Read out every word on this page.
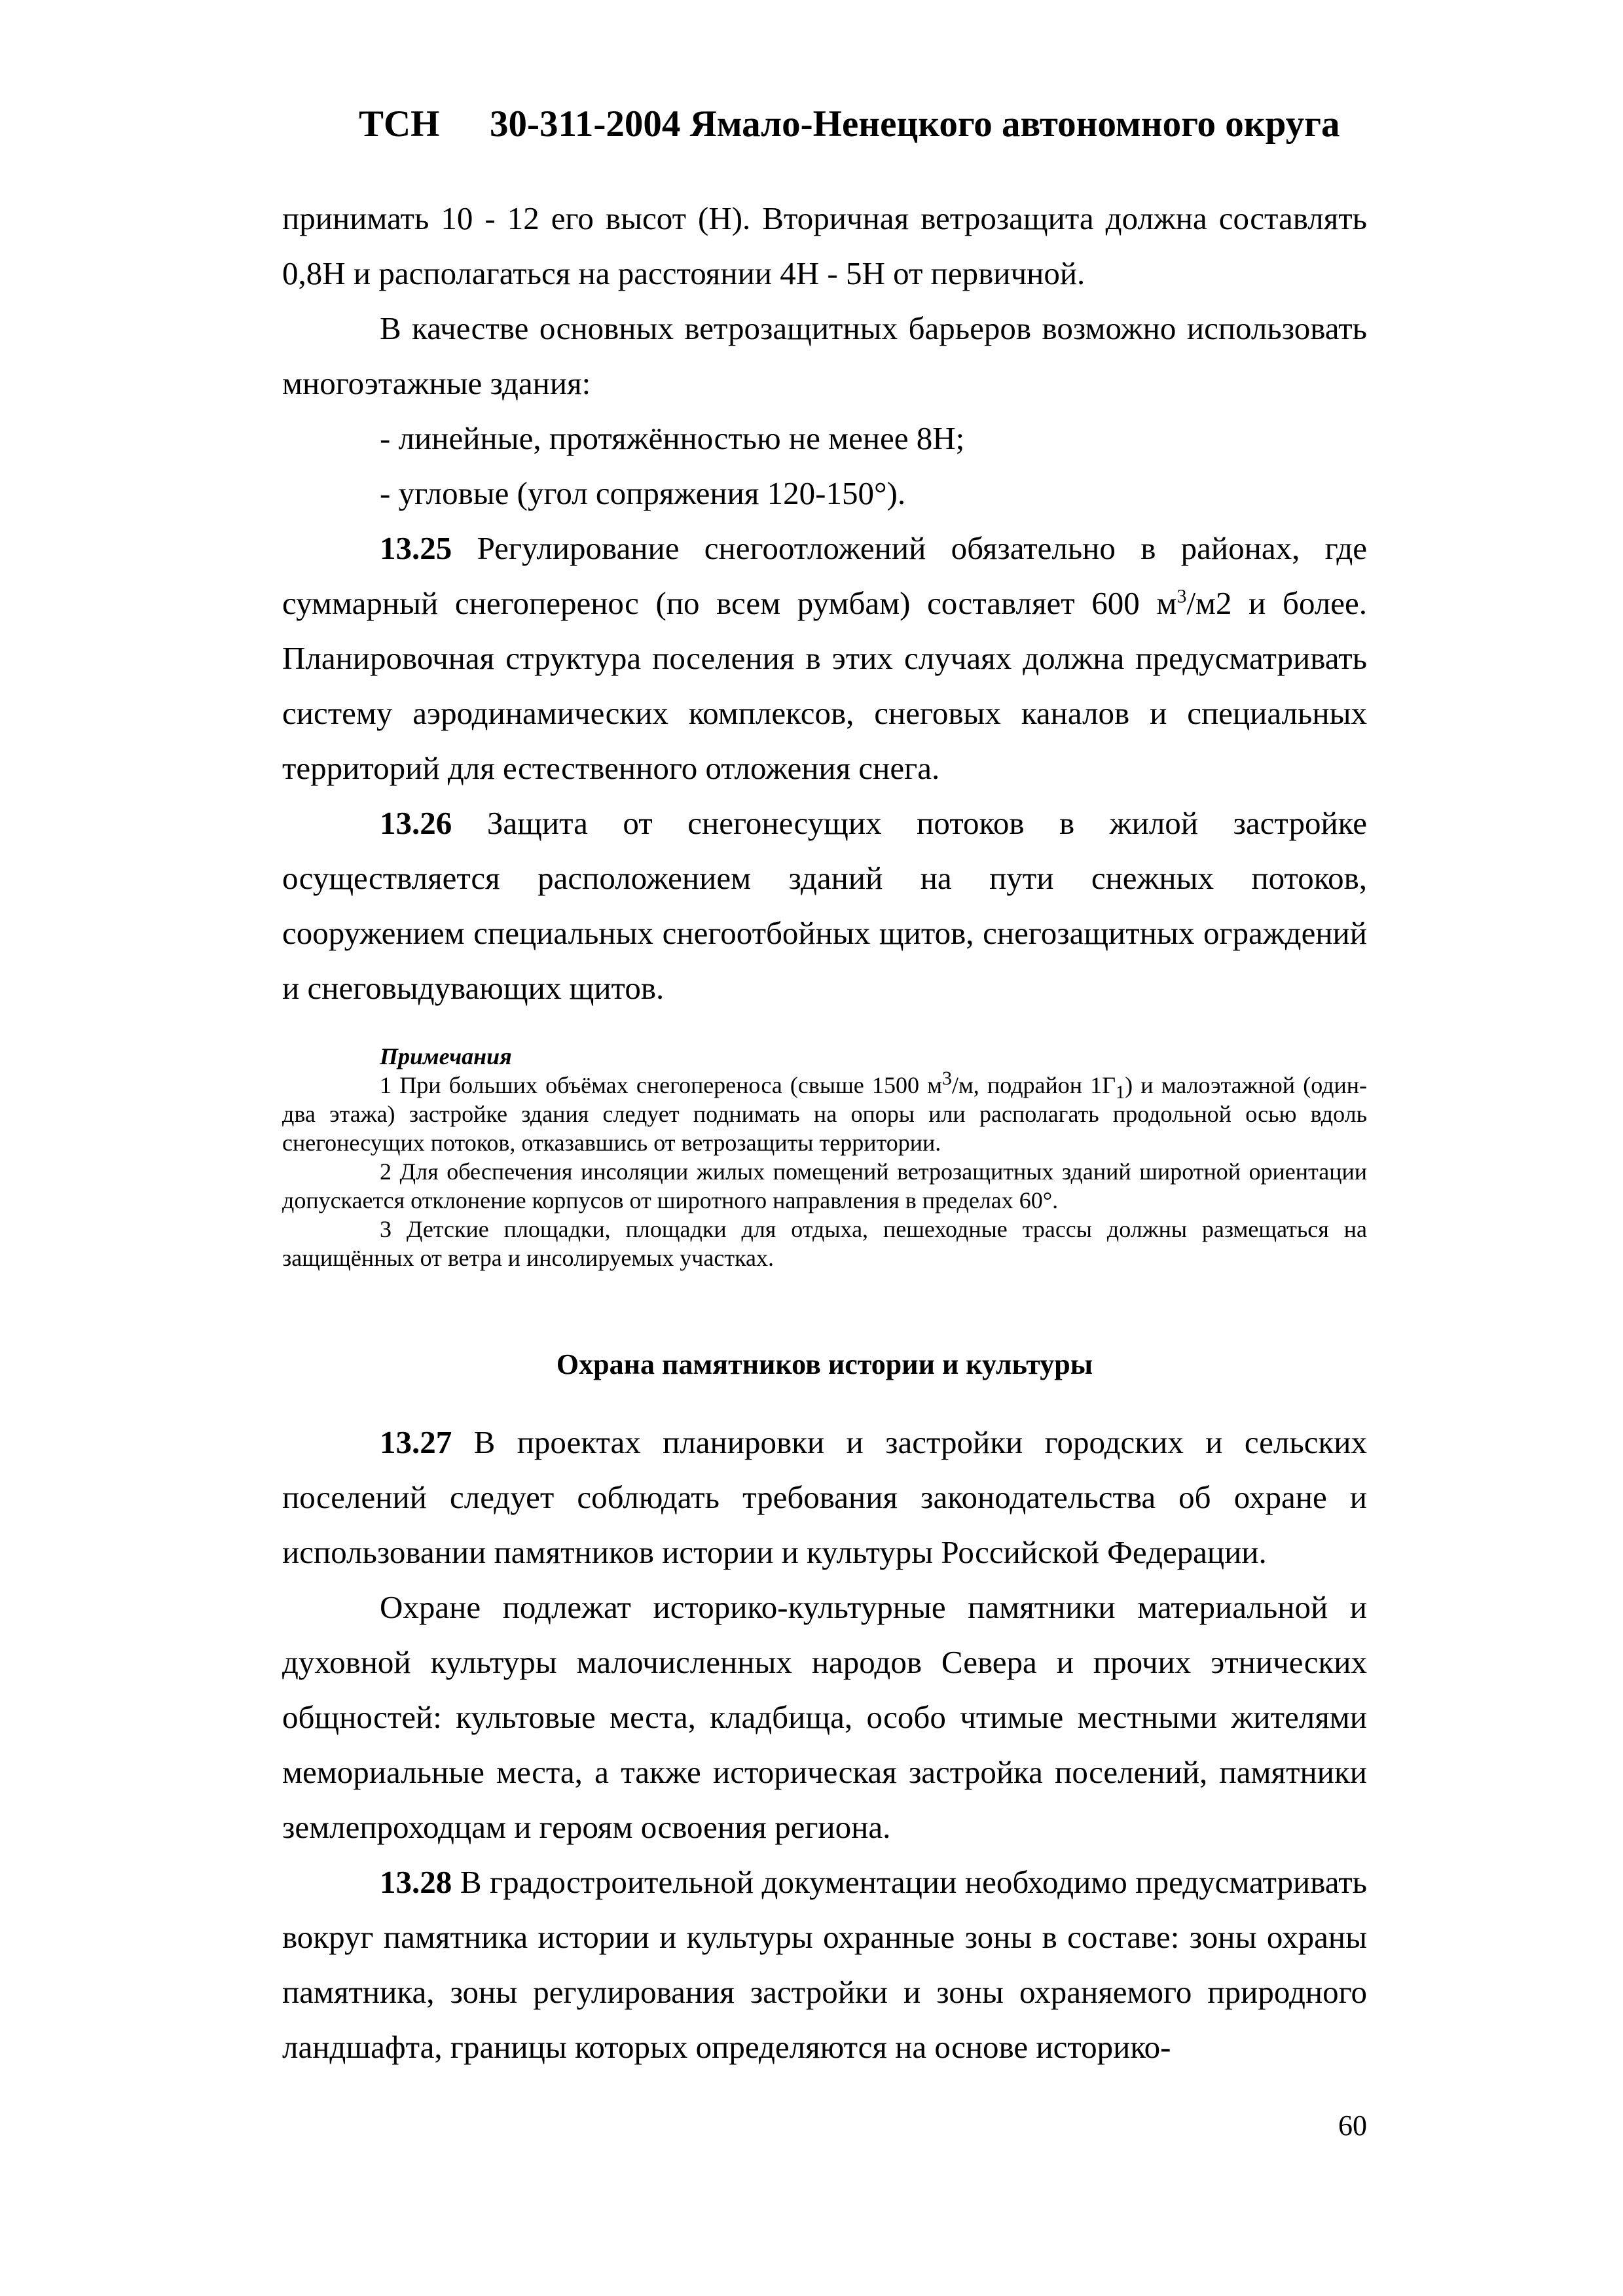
ТСН 30-311-2004 Ямало-Ненецкого автономного округа

принимать 10 - 12 его высот (Н). Вторичная ветрозащита должна составлять 0,8Н и располагаться на расстоянии 4Н - 5Н от первичной.

В качестве основных ветрозащитных барьеров возможно использовать многоэтажные здания:

- линейные, протяжённостью не менее 8Н;

- угловые (угол сопряжения 120-150°).

13.25 Регулирование снегоотложений обязательно в районах, где суммарный снегоперенос (по всем румбам) составляет 600 $м^3/м2$ и более. Планировочная структура поселения в этих случаях должна предусматривать систему аэродинамических комплексов, снеговых каналов и специальных территорий для естественного отложения снега.

13.26 Защита от снегонесущих потоков в жилой застройке осуществляется расположением зданий на пути снежных потоков, сооружением специальных снегоотбойных щитов, снегозащитных ограждений и снеговыдувающих щитов.

Примечания

1 При больших объёмах снегопереноса (свыше 1500 $м^3/м$, подрайон $1Г_1$) и малоэтажной (один-два этажа) застройке здания следует поднимать на опоры или располагать продольной осью вдоль снегонесущих потоков, отказавшись от ветрозащиты территории.

2 Для обеспечения инсоляции жилых помещений ветрозащитных зданий широтной ориентации допускается отклонение корпусов от широтного направления в пределах 60°.

3 Детские площадки, площадки для отдыха, пешеходные трассы должны размещаться на защищённых от ветра и инсолируемых участках.

Охрана памятников истории и культуры

13.27 В проектах планировки и застройки городских и сельских поселений следует соблюдать требования законодательства об охране и использовании памятников истории и культуры Российской Федерации.

Охране подлежат историко-культурные памятники материальной и духовной культуры малочисленных народов Севера и прочих этнических общностей: культовые места, кладбища, особо чтимые местными жителями мемориальные места, а также историческая застройка поселений, памятники землепроходцам и героям освоения региона.

13.28 В градостроительной документации необходимо предусматривать вокруг памятника истории и культуры охранные зоны в составе: зоны охраны памятника, зоны регулирования застройки и зоны охраняемого природного ландшафта, границы которых определяются на основе историко-

60
